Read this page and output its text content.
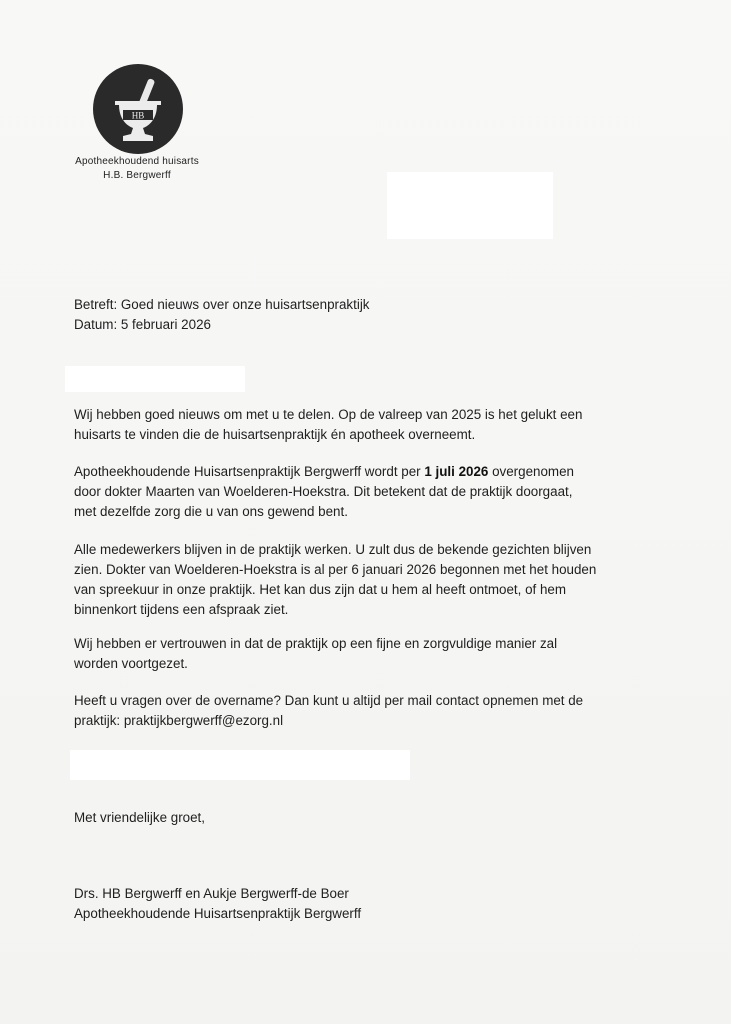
HB
Apotheekhoudend huisarts
H.B. Bergwerff
Betreft: Goed nieuws over onze huisartsenpraktijk
Datum: 5 februari 2026
Wij hebben goed nieuws om met u te delen. Op de valreep van 2025 is het gelukt een
huisarts te vinden die de huisartsenpraktijk én apotheek overneemt.
Apotheekhoudende Huisartsenpraktijk Bergwerff wordt per 1 juli 2026 overgenomen
door dokter Maarten van Woelderen-Hoekstra. Dit betekent dat de praktijk doorgaat,
met dezelfde zorg die u van ons gewend bent.
Alle medewerkers blijven in de praktijk werken. U zult dus de bekende gezichten blijven
zien. Dokter van Woelderen-Hoekstra is al per 6 januari 2026 begonnen met het houden
van spreekuur in onze praktijk. Het kan dus zijn dat u hem al heeft ontmoet, of hem
binnenkort tijdens een afspraak ziet.
Wij hebben er vertrouwen in dat de praktijk op een fijne en zorgvuldige manier zal
worden voortgezet.
Heeft u vragen over de overname? Dan kunt u altijd per mail contact opnemen met de
praktijk: praktijkbergwerff@ezorg.nl
Met vriendelijke groet,
Drs. HB Bergwerff en Aukje Bergwerff-de Boer
Apotheekhoudende Huisartsenpraktijk Bergwerff
